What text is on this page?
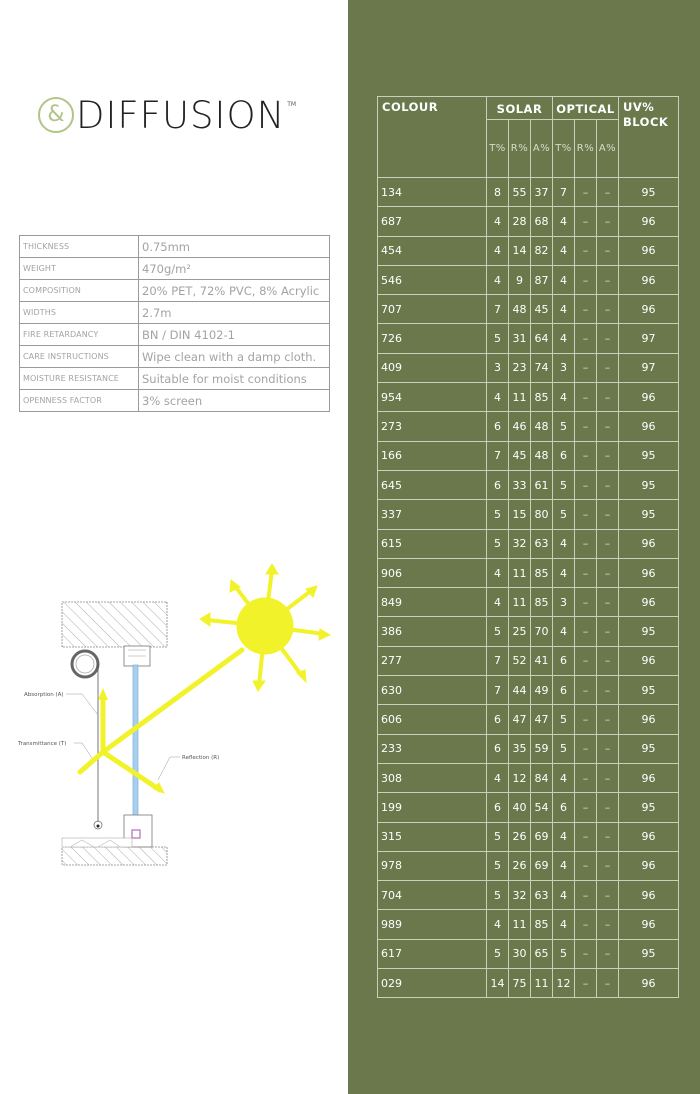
& DIFFUSION TM
THICKNESS	0.75mm
WEIGHT	470g/m²
COMPOSITION	20% PET, 72% PVC, 8% Acrylic
WIDTHS	2.7m
FIRE RETARDANCY	BN / DIN 4102-1
CARE INSTRUCTIONS	Wipe clean with a damp cloth.
MOISTURE RESISTANCE	Suitable for moist conditions
OPENNESS FACTOR	3% screen
Absorption (A)
Transmittance (T)
Reflection (R)
COLOUR	SOLAR			OPTICAL			UV%
BLOCK
	T%	R%	A%	T%	R%	A%	
134	8	55	37	7	–	–	95
687	4	28	68	4	–	–	96
454	4	14	82	4	–	–	96
546	4	9	87	4	–	–	96
707	7	48	45	4	–	–	96
726	5	31	64	4	–	–	97
409	3	23	74	3	–	–	97
954	4	11	85	4	–	–	96
273	6	46	48	5	–	–	96
166	7	45	48	6	–	–	95
645	6	33	61	5	–	–	95
337	5	15	80	5	–	–	95
615	5	32	63	4	–	–	96
906	4	11	85	4	–	–	96
849	4	11	85	3	–	–	96
386	5	25	70	4	–	–	95
277	7	52	41	6	–	–	96
630	7	44	49	6	–	–	95
606	6	47	47	5	–	–	96
233	6	35	59	5	–	–	95
308	4	12	84	4	–	–	96
199	6	40	54	6	–	–	95
315	5	26	69	4	–	–	96
978	5	26	69	4	–	–	96
704	5	32	63	4	–	–	96
989	4	11	85	4	–	–	96
617	5	30	65	5	–	–	95
029	14	75	11	12	–	–	96
